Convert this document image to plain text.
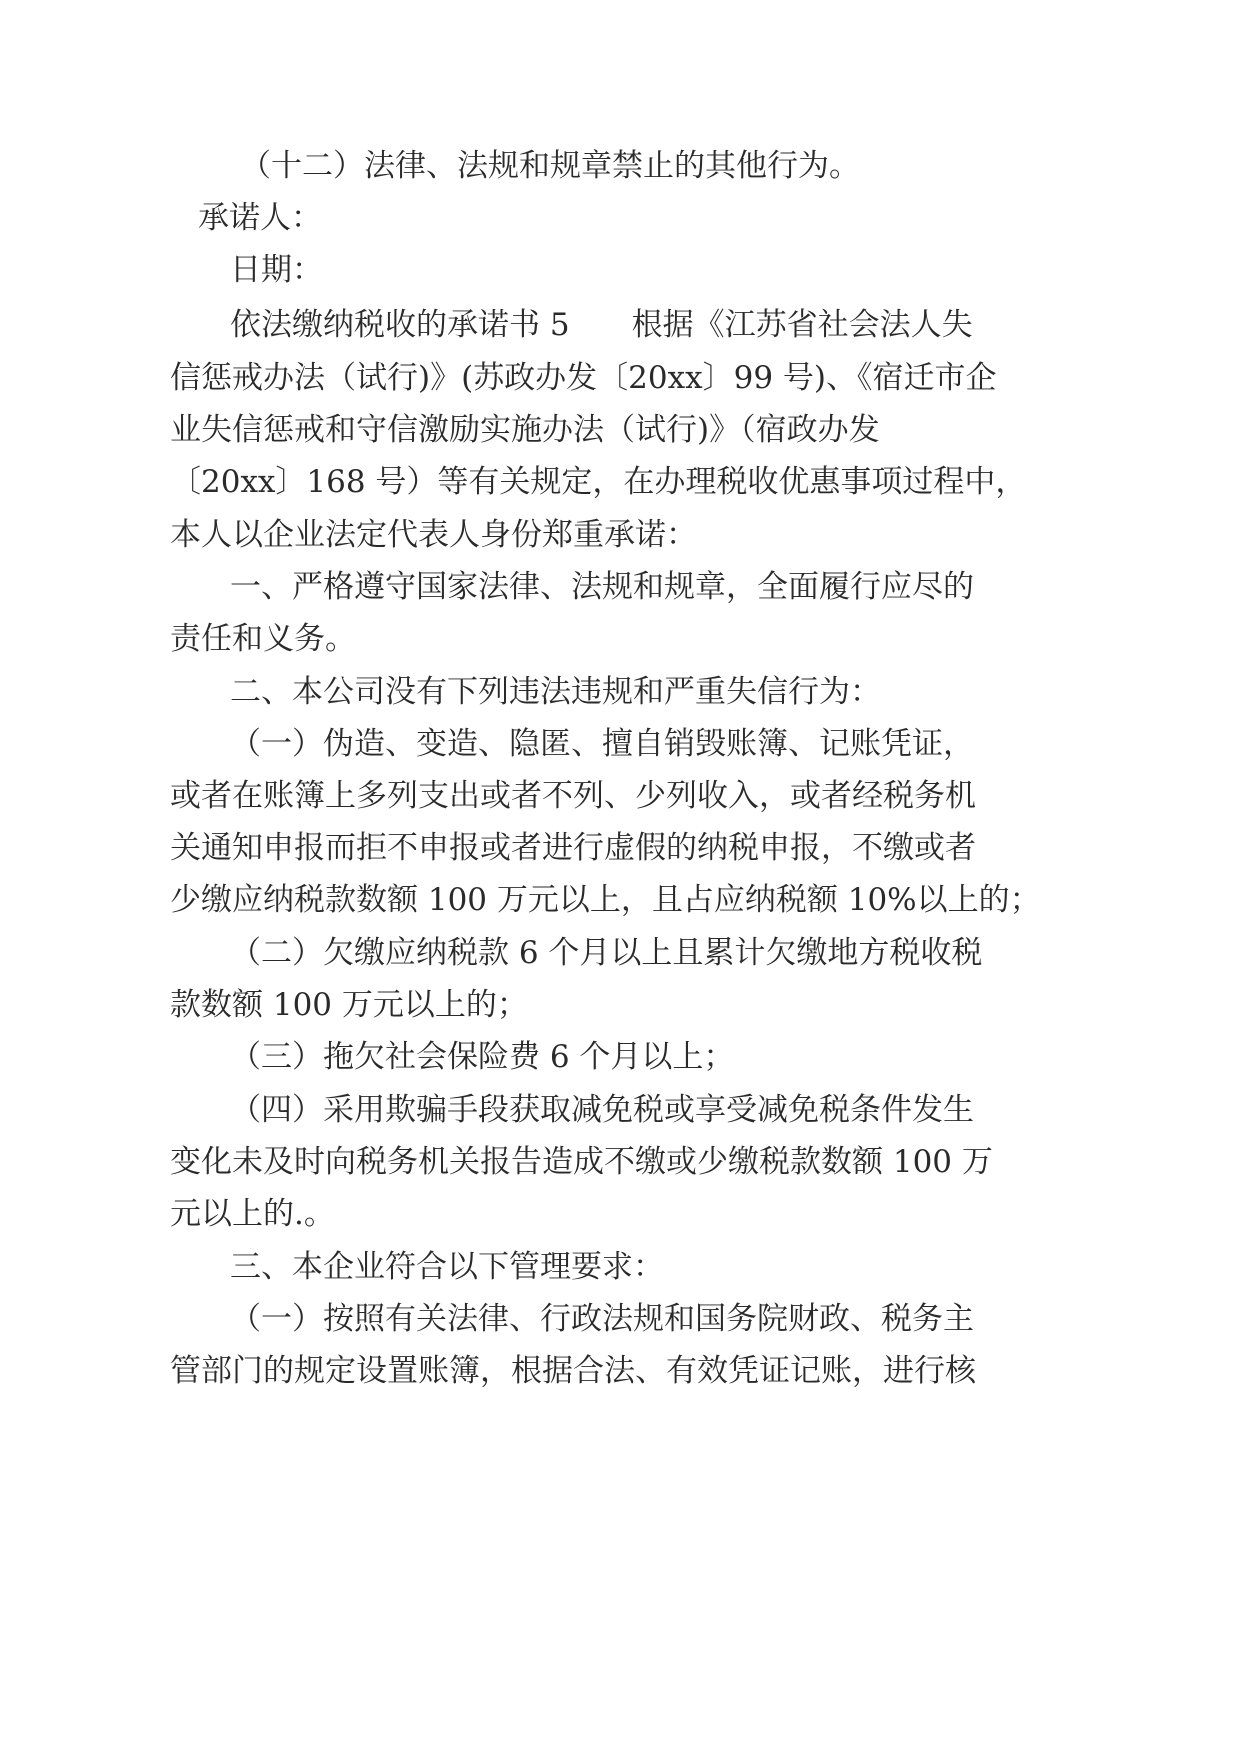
（十二）法律、法规和规章禁止的其他行为。
承诺人：
日期：
依法缴纳税收的承诺书 5　　根据《江苏省社会法人失
信惩戒办法（试行)》(苏政办发〔20xx〕99 号)、《宿迁市企
业失信惩戒和守信激励实施办法（试行)》（宿政办发
〔20xx〕168 号）等有关规定，在办理税收优惠事项过程中，
本人以企业法定代表人身份郑重承诺：
一、严格遵守国家法律、法规和规章，全面履行应尽的
责任和义务。
二、本公司没有下列违法违规和严重失信行为：
（一）伪造、变造、隐匿、擅自销毁账簿、记账凭证，
或者在账簿上多列支出或者不列、少列收入，或者经税务机
关通知申报而拒不申报或者进行虚假的纳税申报，不缴或者
少缴应纳税款数额 100 万元以上，且占应纳税额 10%以上的；
（二）欠缴应纳税款 6 个月以上且累计欠缴地方税收税
款数额 100 万元以上的；
（三）拖欠社会保险费 6 个月以上；
（四）采用欺骗手段获取减免税或享受减免税条件发生
变化未及时向税务机关报告造成不缴或少缴税款数额 100 万
元以上的.。
三、本企业符合以下管理要求：
（一）按照有关法律、行政法规和国务院财政、税务主
管部门的规定设置账簿，根据合法、有效凭证记账，进行核
